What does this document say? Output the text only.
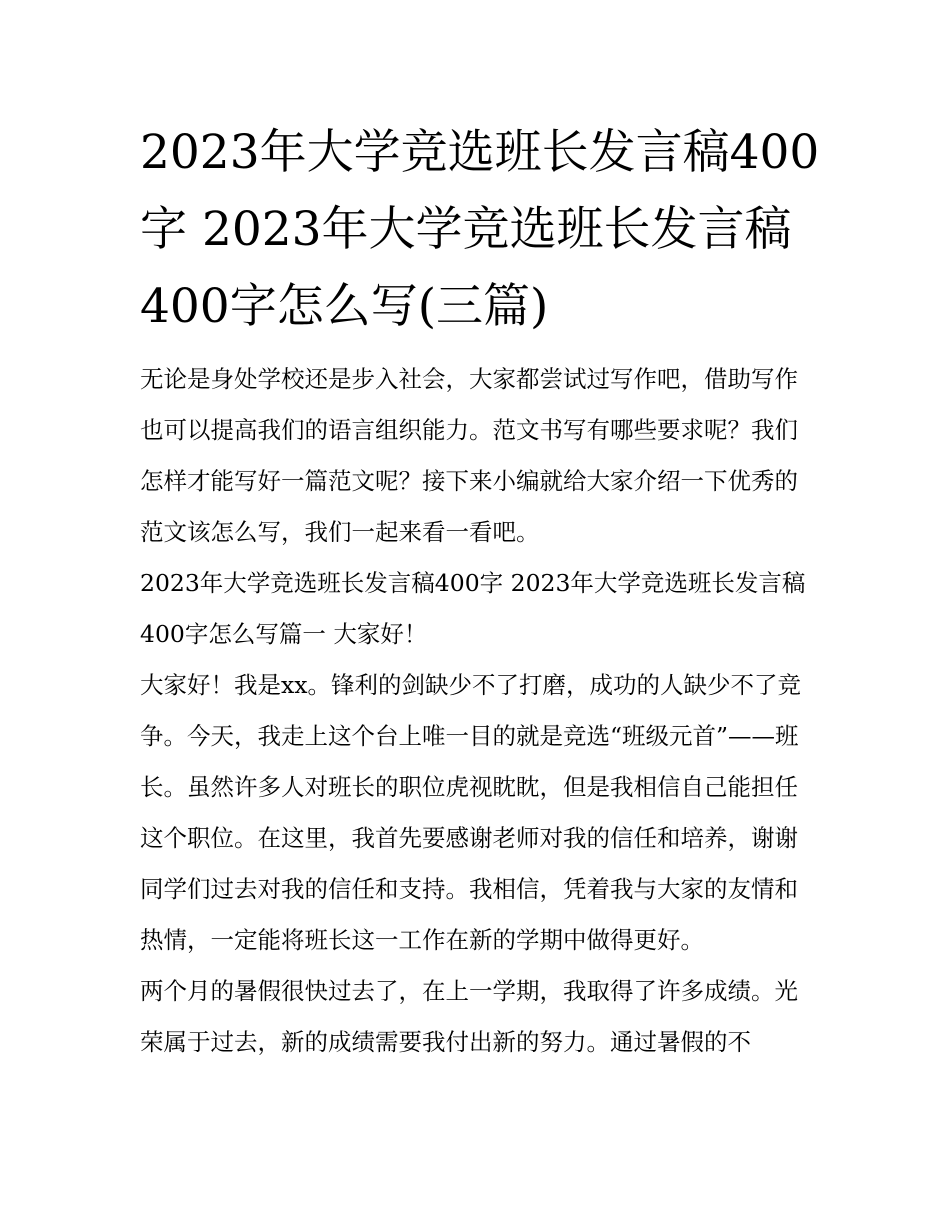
2023年大学竞选班长发言稿400字 2023年大学竞选班长发言稿400字怎么写(三篇)

无论是身处学校还是步入社会，大家都尝试过写作吧，借助写作也可以提高我们的语言组织能力。范文书写有哪些要求呢？我们怎样才能写好一篇范文呢？接下来小编就给大家介绍一下优秀的范文该怎么写，我们一起来看一看吧。

2023年大学竞选班长发言稿400字 2023年大学竞选班长发言稿400字怎么写篇一 大家好！

大家好！我是xx。锋利的剑缺少不了打磨，成功的人缺少不了竞争。今天，我走上这个台上唯一目的就是竞选“班级元首”——班长。虽然许多人对班长的职位虎视眈眈，但是我相信自己能担任这个职位。在这里，我首先要感谢老师对我的信任和培养，谢谢同学们过去对我的信任和支持。我相信，凭着我与大家的友情和热情，一定能将班长这一工作在新的学期中做得更好。

两个月的暑假很快过去了，在上一学期，我取得了许多成绩。光荣属于过去，新的成绩需要我付出新的努力。通过暑假的不
